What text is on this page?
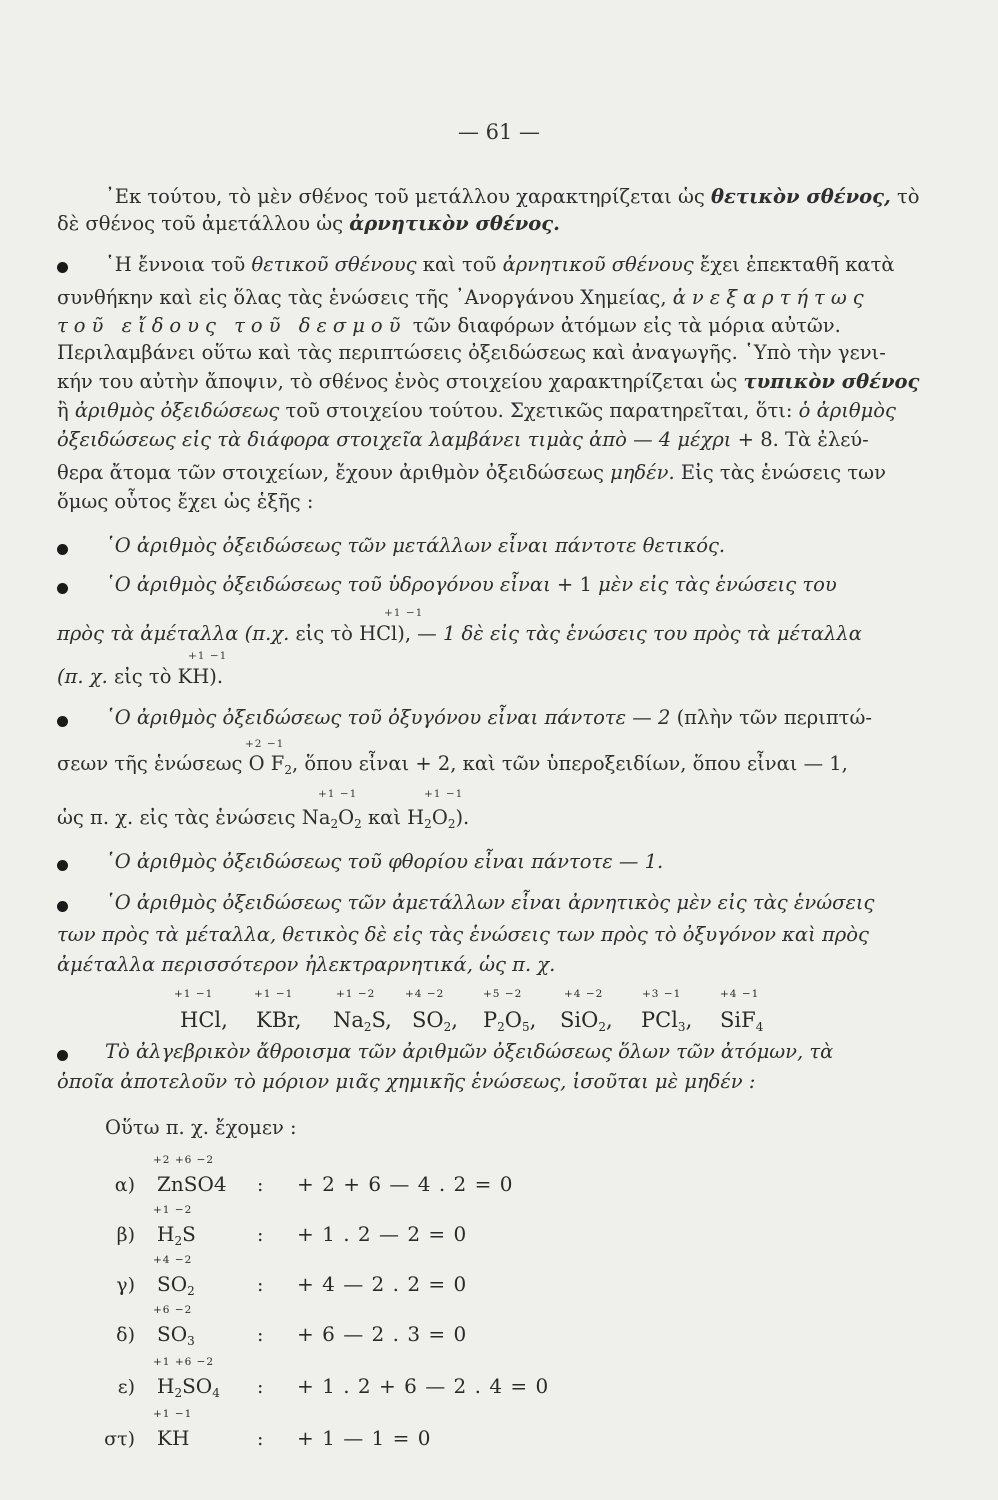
— 61 —
᾿Εκ τούτου, τὸ μὲν σθένος τοῦ μετάλλου χαρακτηρίζεται ὡς θετικὸν σθένος, τὸ
δὲ σθένος τοῦ ἀμετάλλου ὡς ἀρνητικὸν σθένος.
῾Η ἔννοια τοῦ θετικοῦ σθένους καὶ τοῦ ἀρνητικοῦ σθένους ἔχει ἐπεκταθῆ κατὰ
συνθήκην καὶ εἰς ὅλας τὰς ἑνώσεις τῆς ᾿Ανοργάνου Χημείας, ἀνεξαρτήτως
τοῦ εἴδους τοῦ δεσμοῦ τῶν διαφόρων ἀτόμων εἰς τὰ μόρια αὐτῶν.
Περιλαμβάνει οὕτω καὶ τὰς περιπτώσεις ὀξειδώσεως καὶ ἀναγωγῆς. ῾Υπὸ τὴν γενι-
κήν του αὐτὴν ἄποψιν, τὸ σθένος ἑνὸς στοιχείου χαρακτηρίζεται ὡς τυπικὸν σθένος
ἢ ἀριθμὸς ὀξειδώσεως τοῦ στοιχείου τούτου. Σχετικῶς παρατηρεῖται, ὅτι: ὁ ἀριθμὸς
ὀξειδώσεως εἰς τὰ διάφορα στοιχεῖα λαμβάνει τιμὰς ἀπὸ — 4 μέχρι + 8. Τὰ ἐλεύ-
θερα ἄτομα τῶν στοιχείων, ἔχουν ἀριθμὸν ὀξειδώσεως μηδέν. Εἰς τὰς ἑνώσεις των
ὅμως οὗτος ἔχει ὡς ἑξῆς :
῾Ο ἀριθμὸς ὀξειδώσεως τῶν μετάλλων εἶναι πάντοτε θετικός.
῾Ο ἀριθμὸς ὀξειδώσεως τοῦ ὑδρογόνου εἶναι + 1 μὲν εἰς τὰς ἑνώσεις του
+1 −1
πρὸς τὰ ἀμέταλλα (π.χ. εἰς τὸ HCl), — 1 δὲ εἰς τὰς ἑνώσεις του πρὸς τὰ μέταλλα
+1 −1
(π. χ. εἰς τὸ KH).
῾Ο ἀριθμὸς ὀξειδώσεως τοῦ ὀξυγόνου εἶναι πάντοτε — 2 (πλὴν τῶν περιπτώ-
+2 −1
σεων τῆς ἑνώσεως O $F_2$, ὅπου εἶναι + 2, καὶ τῶν ὑπεροξειδίων, ὅπου εἶναι — 1,
+1 −1	+1 −1
ὡς π. χ. εἰς τὰς ἑνώσεις $Na_2O_2$ καὶ $H_2O_2$).
῾Ο ἀριθμὸς ὀξειδώσεως τοῦ φθορίου εἶναι πάντοτε — 1.
῾Ο ἀριθμὸς ὀξειδώσεως τῶν ἀμετάλλων εἶναι ἀρνητικὸς μὲν εἰς τὰς ἑνώσεις
των πρὸς τὰ μέταλλα, θετικὸς δὲ εἰς τὰς ἑνώσεις των πρὸς τὸ ὀξυγόνον καὶ πρὸς
ἀμέταλλα περισσότερον ἠλεκτραρνητικά, ὡς π. χ.
+1 −1	+1 −1	+1 −2	+4 −2	+5 −2	+4 −2	+3 −1	+4 −1
HCl, KBr, $Na_2S$, $SO_2$, $P_2O_5$, SiO$_2$, PCl$_3$, SiF$_4$
Τὸ ἀλγεβρικὸν ἄθροισμα τῶν ἀριθμῶν ὀξειδώσεως ὅλων τῶν ἀτόμων, τὰ
ὁποῖα ἀποτελοῦν τὸ μόριον μιᾶς χημικῆς ἑνώσεως, ἰσοῦται μὲ μηδέν :
Οὕτω π. χ. ἔχομεν :
+2 +6 −2
α) ZnSO4 : + 2 + 6 — 4 . 2 = 0
+1 −2
β) $H_2S$	: + 1 . 2 — 2 = 0
+4 −2
γ) $SO_2$	: + 4 — 2 . 2 = 0
+6 −2
δ) $SO_3$	: + 6 — 2 . 3 = 0
+1 +6 −2
ε) $H_2SO_4$ : + 1 . 2 + 6 — 2 . 4 = 0
+1 −1
στ) KH	: + 1 — 1 = 0
